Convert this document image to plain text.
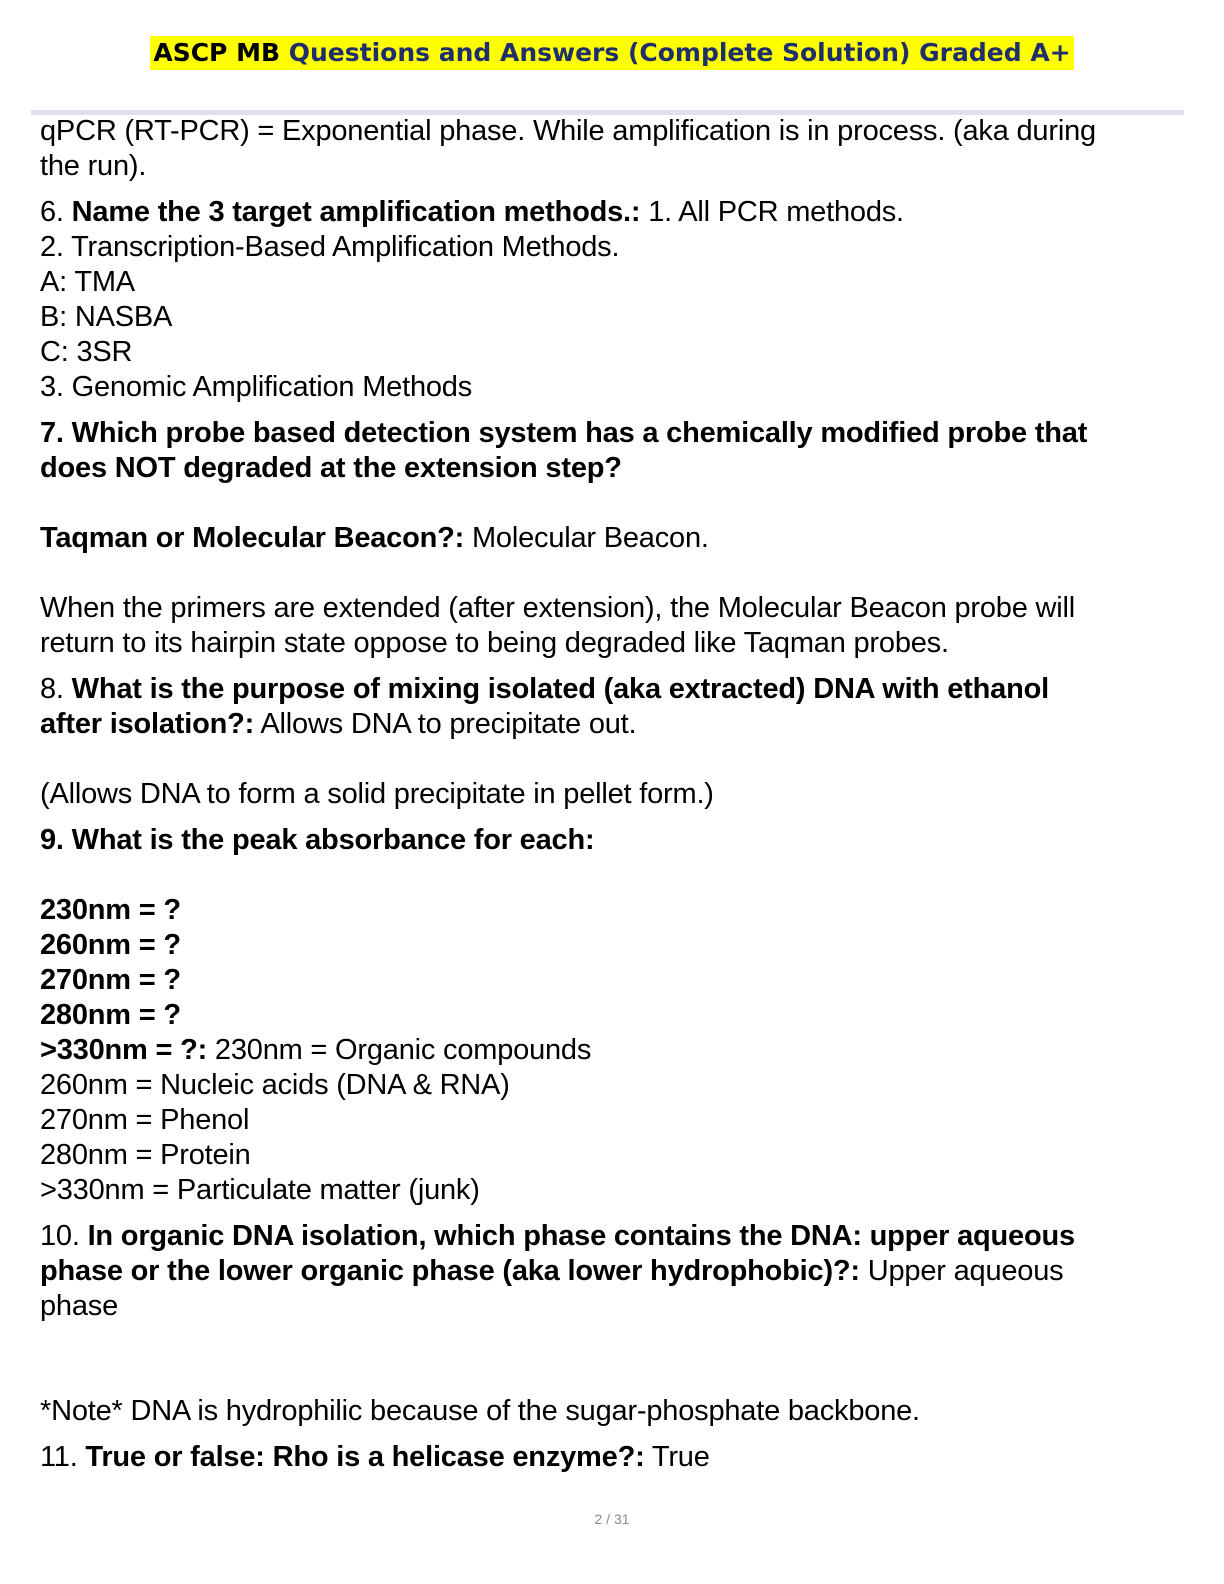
ASCP MB Questions and Answers (Complete Solution) Graded A+
qPCR (RT-PCR) = Exponential phase. While amplification is in process. (aka during
the run).
6. Name the 3 target amplification methods.: 1. All PCR methods.
2. Transcription-Based Amplification Methods.
A: TMA
B: NASBA
C: 3SR
3. Genomic Amplification Methods
7. Which probe based detection system has a chemically modified probe that
does NOT degraded at the extension step?
Taqman or Molecular Beacon?: Molecular Beacon.
When the primers are extended (after extension), the Molecular Beacon probe will
return to its hairpin state oppose to being degraded like Taqman probes.
8. What is the purpose of mixing isolated (aka extracted) DNA with ethanol
after isolation?: Allows DNA to precipitate out.
(Allows DNA to form a solid precipitate in pellet form.)
9. What is the peak absorbance for each:
230nm = ?
260nm = ?
270nm = ?
280nm = ?
>330nm = ?: 230nm = Organic compounds
260nm = Nucleic acids (DNA & RNA)
270nm = Phenol
280nm = Protein
>330nm = Particulate matter (junk)
10. In organic DNA isolation, which phase contains the DNA: upper aqueous
phase or the lower organic phase (aka lower hydrophobic)?: Upper aqueous
phase
*Note* DNA is hydrophilic because of the sugar-phosphate backbone.
11. True or false: Rho is a helicase enzyme?: True
2 / 31
